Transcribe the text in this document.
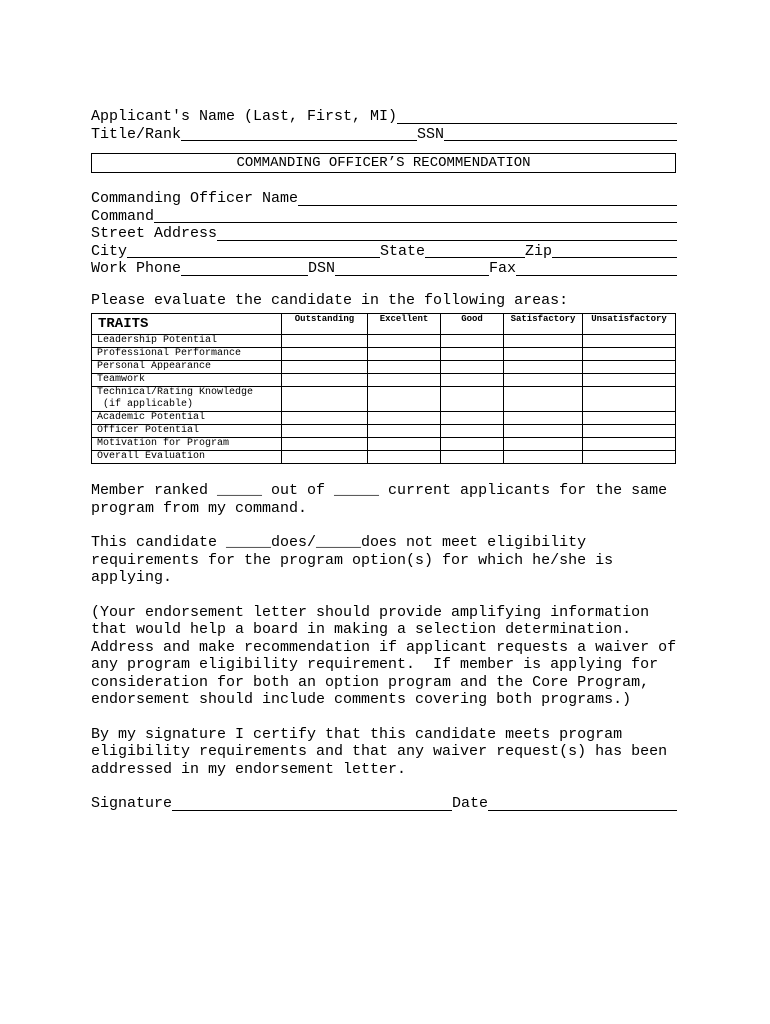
Applicant's Name (Last, First, MI)
Title/Rank	SSN
COMMANDING OFFICER’S RECOMMENDATION
Commanding Officer Name
Command
Street Address
City	State	Zip
Work Phone	DSN	Fax

Please evaluate the candidate in the following areas:

TRAITS	Outstanding	Excellent	Good	Satisfactory	Unsatisfactory
Leadership Potential					
Professional Performance					
Personal Appearance					
Teamwork					
Technical/Rating Knowledge
(if applicable)					
Academic Potential					
Officer Potential					
Motivation for Program					
Overall Evaluation					

Member ranked _____ out of _____ current applicants for the same
program from my command.

This candidate _____does/_____does not meet eligibility
requirements for the program option(s) for which he/she is
applying.

(Your endorsement letter should provide amplifying information
that would help a board in making a selection determination.
Address and make recommendation if applicant requests a waiver of
any program eligibility requirement.  If member is applying for
consideration for both an option program and the Core Program,
endorsement should include comments covering both programs.)

By my signature I certify that this candidate meets program
eligibility requirements and that any waiver request(s) has been
addressed in my endorsement letter.

Signature	Date
